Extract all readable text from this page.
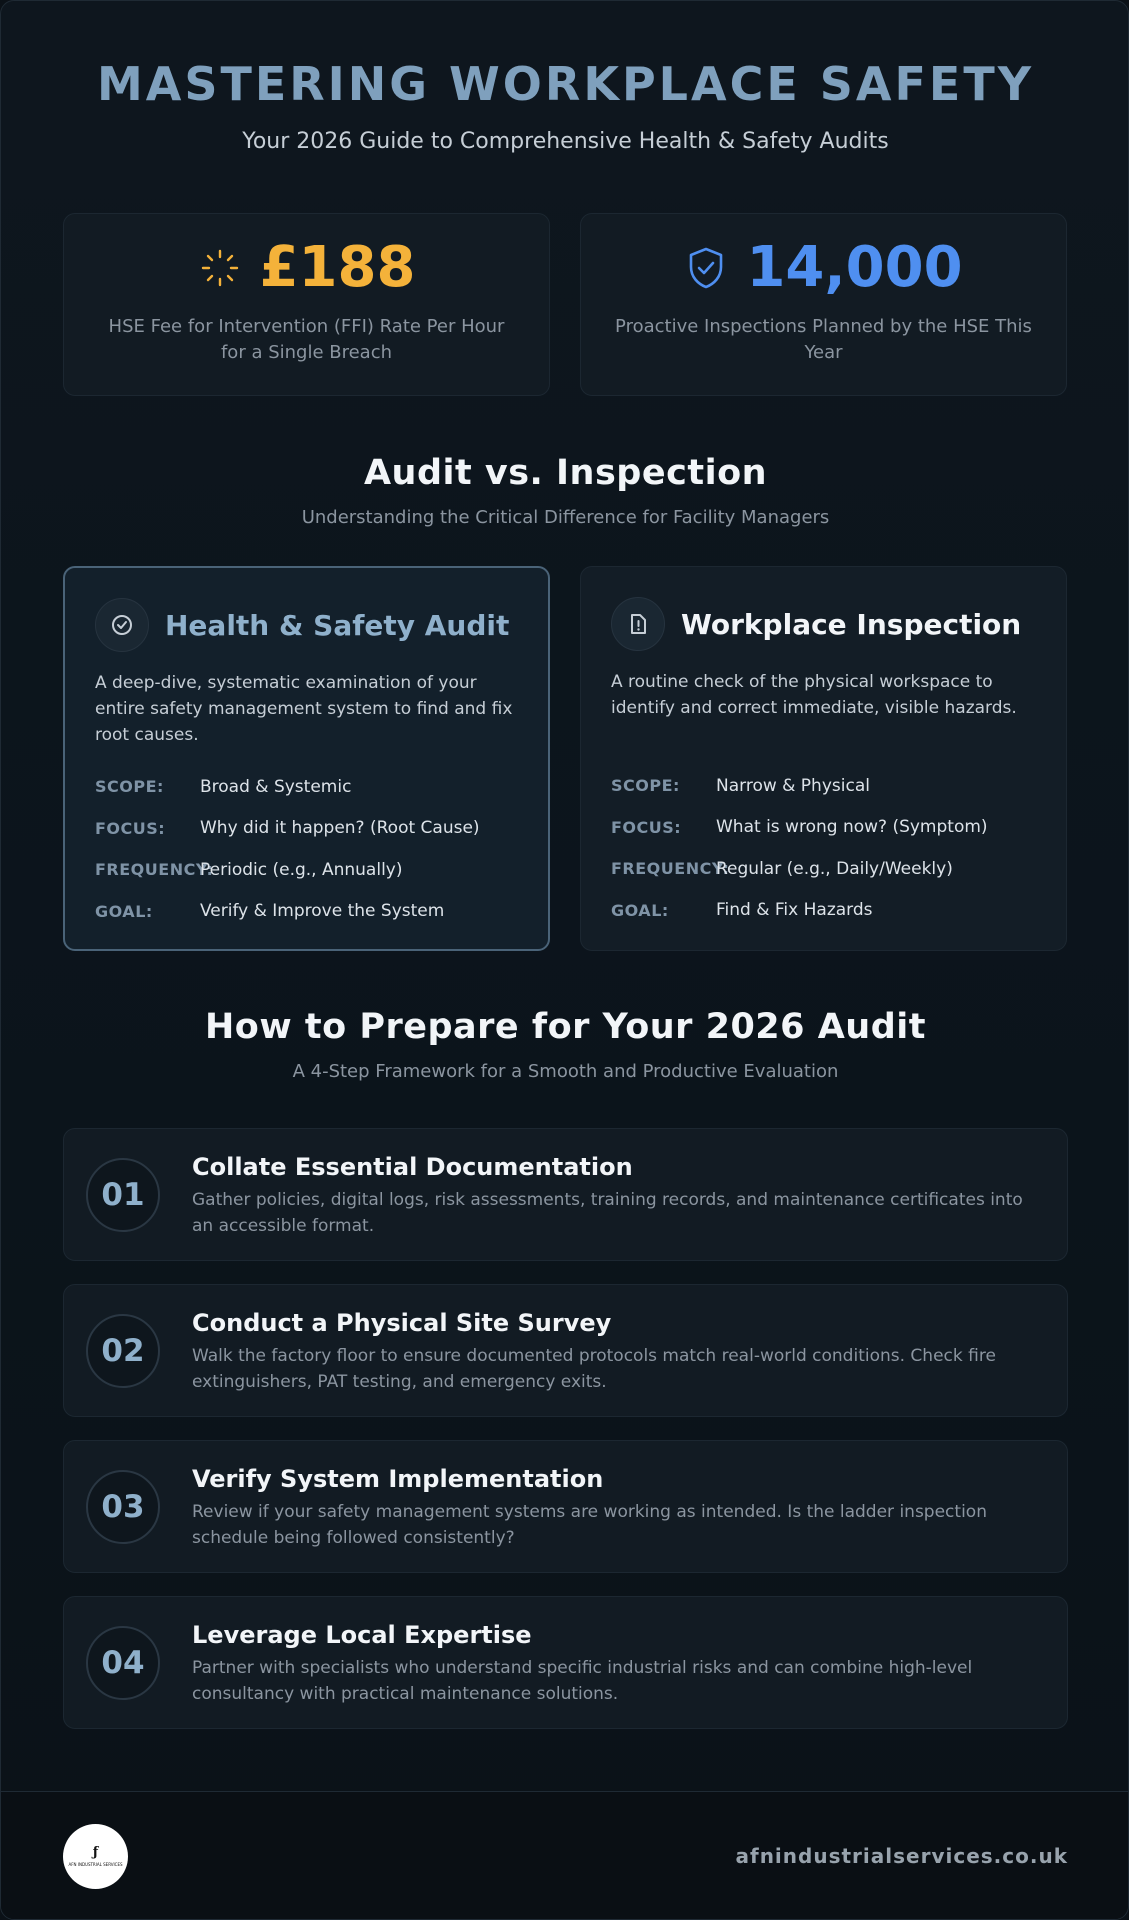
MASTERING WORKPLACE SAFETY
Your 2026 Guide to Comprehensive Health & Safety Audits
£188
HSE Fee for Intervention (FFI) Rate Per Hour for a Single Breach
14,000
Proactive Inspections Planned by the HSE This Year
Audit vs. Inspection
Understanding the Critical Difference for Facility Managers
Health & Safety Audit
A deep-dive, systematic examination of your entire safety management system to find and fix root causes.
SCOPE:	Broad & Systemic
FOCUS:	Why did it happen? (Root Cause)
FREQUENCY:
Periodic (e.g., Annually)
GOAL:	Verify & Improve the System
Workplace Inspection
A routine check of the physical workspace to identify and correct immediate, visible hazards.
SCOPE:	Narrow & Physical
FOCUS:	What is wrong now? (Symptom)
FREQUENCY:
Regular (e.g., Daily/Weekly)
GOAL:	Find & Fix Hazards
How to Prepare for Your 2026 Audit
A 4-Step Framework for a Smooth and Productive Evaluation
01
Collate Essential Documentation
Gather policies, digital logs, risk assessments, training records, and maintenance certificates into an accessible format.
02
Conduct a Physical Site Survey
Walk the factory floor to ensure documented protocols match real-world conditions. Check fire extinguishers, PAT testing, and emergency exits.
03
Verify System Implementation
Review if your safety management systems are working as intended. Is the ladder inspection schedule being followed consistently?
04
Leverage Local Expertise
Partner with specialists who understand specific industrial risks and can combine high-level consultancy with practical maintenance solutions.
ƒ
AFN INDUSTRIAL SERVICES	afnindustrialservices.co.uk
